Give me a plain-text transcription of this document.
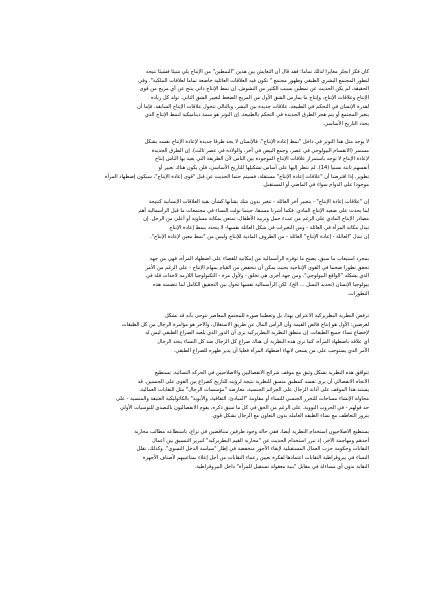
كان فكر انجلز مغايرا لذلك تماما: فقد قال أن التعايش بين هذين "النمطين" من الإنتاج يلي شيئا فشيئا نتيجة
لتطور المجتمع البشري الطبقي وظهور مجتمع " تكون فيه العلاقات العائلية خاضعة تماما لعلاقات الملكية". وفي
الحقيقة، لم يكن الحديث عن نمطين بسبب الكثير من التشوش. إن نمط الإنتاج ذاتي ينتج عن أي مزيج من قوى
الإنتاج وعلاقات الإنتاج، وإنتاج ما يمارس الشق الأول من المزيج الضغط لتغيير الشق الثاني. تولد كل زيادة
لقدرة الإنسان في التحكم في الطبيعة، علاقات جديدة بين البشر، وبالتالي تتحول علاقات الإنتاج السابقة. فإما أن
يتغير المجتمع أو يتم هجر الطرق الجديدة في التحكم بالطبيعة. إن التوتر هو سمة ديناميكية لنمط الإنتاج الذي
يحدد التاريخ الأساسي.
لا يوجد مثل هذا التوتر في داخل "نمط إعادة الإنتاج". فالإنسان لا يجد طرقا جديدة لإعادة الإنتاج نفسه بشكل
مستمر (الانقسام البيولوجي في عصر، وجمع البيض في آخر، والولادة في عصر ثالث). إن الطرق الجديدة
لإعادة الإنتاج لا توجه باستمرار علاقات الإنتاج الموجودة بين الناس لأن الطريقة التي يعيد بها الناس إنتاج
أنفسهم ثابتة نسبيا (14). لم تنظر إليها على أساس تشكيلها للتاريخ الأساسي، فلن يكون هناك تغيير أو
تطوير. إذا افترضنا أن "علاقات إعادة الإنتاج" مستقلة، فسيتم حتما الحديث عن قبل "قوى إعادة الإنتاج"، سيكون إضطهاد المرأة
موجودا على الدوام سواء في الماضي أو المستقبل.
إن "علاقات إعادة الإنتاج" - بتعبير آخر العائلة - تتغير بدون شك بشأنها كشأن بقية العلاقات الإنسانية كنتيجة
لما يحدث على صعيد الإنتاج المادي. فكما أشرنا مسبقا، حينما تولت النساء في مجتمعات ما قبل الرأسمالية أهم
مصادر الإنتاج المادي على الرغم من عبء حمل وتربية الأطفال، تمتعن بمكانة مساوية أو أعلى من الرجل. إن
تبدل مكانة المرأة في العائلة - ومن التغيرات في شكل العائلة نفسها- لا يتحدد بنمط إعادة الإنتاج
إن تبدل "العائلة - إعادة الإنتاج" العائلة - من الظروف المادية للإنتاج وليس من "نمط معين لإعادة الإنتاج".
بمجرد استيعاب ما سبق، يصبح ما توفره الرأسمالية من إمكانية للقضاء على اضطهاد المرأة، فهي من جهة
تحقق تطورا ضخما في القوى الإنتاجية بحيث يمكن أن تنخفض من القيام بمهام الإنتاج - على الرغم من الأمر
الذي يشكله "الواقع البيولوجي". ومن جهة أخرى هي تخلق - ولأول مرة - التكنولوجيا اللازمة لاحداث قلة في
بيولوجيا الإنسان (تحديد النسل ... الخ). لكن الرأسمالية تفسها تحول بين التحقيق الكامل لما تتضمنه هذه
التطورات.
ترفض النظرية البطريركية الاعتراف بهذا، بل وتعطينا صورة للمجتمع المعاصر تتوحى بأنه قد تشكل
لغرضين: الأول هو إنتاج فائض القيمة وأن الرأس المال عن طريق الاستغلال، والآخر هو مؤامرة الرجال من كل الطبقات
لإخضاع نساء جميع الطبقات. إن منطق النظرية البطريركية يرى أن الدور الذي يلعبه الصراع الطبقي ليس له
أي علاقة باضطهاد المرأة، كما ترى هذه النظرية أن هناك صراع كل الرجال ضد كل النساء يتخذ الرجال
الأمر الذي يستوجب على من يسعى لانهاء اضطهاد المرأة فعليا أن يدير ظهره للصراع الطبقي.
تتوافق هذه النظرية بشكل وثيق مع موقف شرائح الانفصاليين والاصلاحيين في الحركة النسائية. يستطيع
الاتجاه الانفصالي أن يرى نفسه كمطبق متسق للنظرية نتيجة لرؤيته للتاريخ كصراع بين القوى على الجنسين. قد
يستند هذا الموقف على أدانة الرجال على الجرائم الجنسية، معارضة "مؤسسات الرجال" مثل النقابات العمالية،
محاولة الإنشاء مساحات للتحرر الجنسي للنساء أو مقاومة "المبادئ، الثقافية، والأبوية" بالكاثوليكية العتيقة والمنسية - على
حد قولهم - في الحروب النووية. على الرغم من الحق في كل ما سبق ذكره، يقوم الانفصاليون بالتصدي للتوسيات الأولي
بتروز التعاطف مع نساء الطبقة العاملة بدون التعاون مع الرجال بشكل قوي.
يستطيع الاصلاحيون استخدام النظرية أيضا، ففي حالة وجود طرفين متناقضين في نزاع، باستطاعة مطالب محاربة
أحدهم ومهاجمة الآخر، إذ تبرر استخدام الحديث عن "محاربة القيم البطريركية" لتبرير التنسيق بين أعمال
النقابات وحكومة حزب العمال المستقبلية لإبقاء الأجور منخفضة في إطار "سياسة الدخل النسوي". وكذلك، تقلل
النساء في بيروقراطية النقابات اعتمادها لفكرة تعيين زعماء النقابات من أجل إعلاء بمتاعيبهم لأصناف الأجهزة
النقابة بدون أي مساءلة في مقابل "بنية معقولة تستقبل للمرأة" داخل البيروقراطية.
